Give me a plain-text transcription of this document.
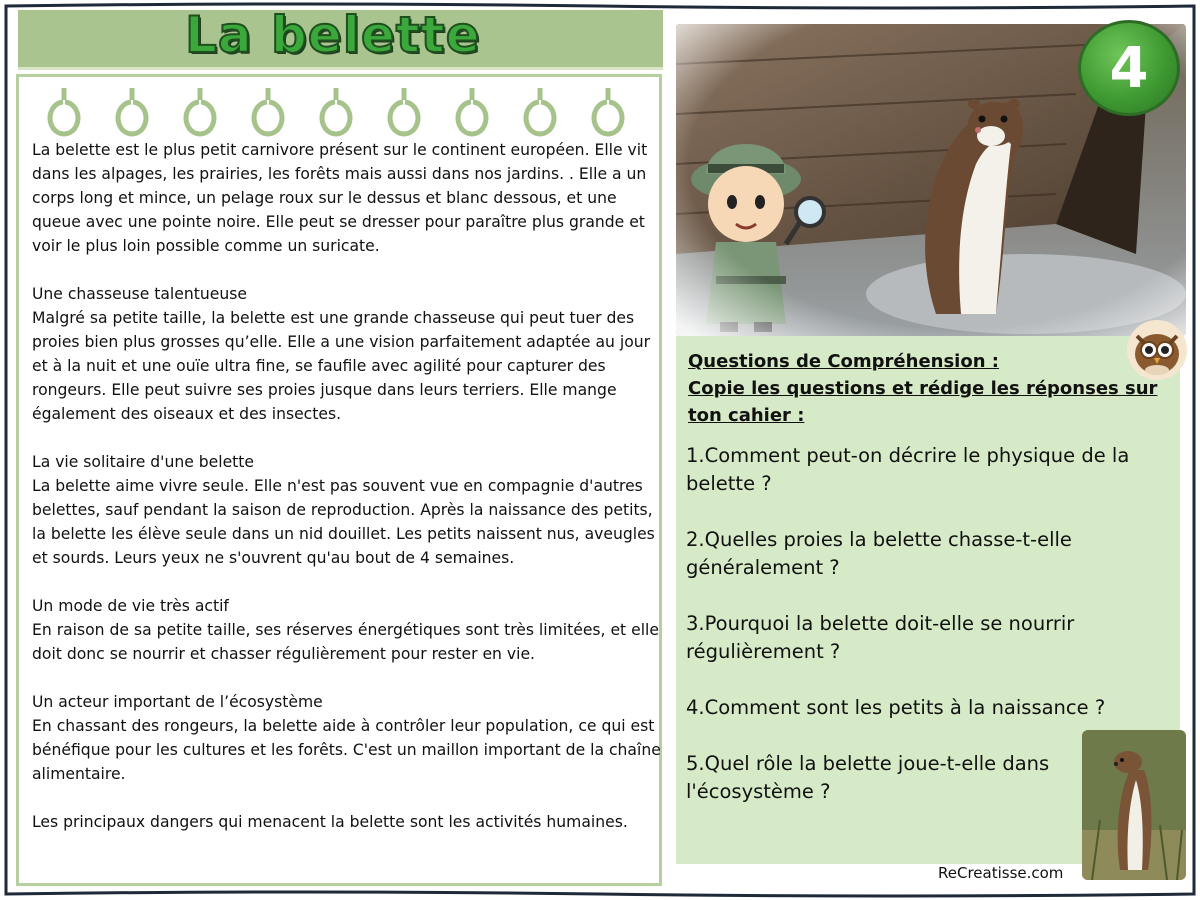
La belette

La belette est le plus petit carnivore présent sur le continent européen. Elle vit dans les alpages, les prairies, les forêts mais aussi dans nos jardins. . Elle a un corps long et mince, un pelage roux sur le dessus et blanc dessous, et une queue avec une pointe noire. Elle peut se dresser pour paraître plus grande et voir le plus loin possible comme un suricate.

Une chasseuse talentueuse
Malgré sa petite taille, la belette est une grande chasseuse qui peut tuer des proies bien plus grosses qu’elle. Elle a une vision parfaitement adaptée au jour et à la nuit et une ouïe ultra fine, se faufile avec agilité pour capturer des rongeurs. Elle peut suivre ses proies jusque dans leurs terriers. Elle mange également des oiseaux et des insectes.

La vie solitaire d'une belette
La belette aime vivre seule. Elle n'est pas souvent vue en compagnie d'autres belettes, sauf pendant la saison de reproduction. Après la naissance des petits, la belette les élève seule dans un nid douillet. Les petits naissent nus, aveugles et sourds. Leurs yeux ne s'ouvrent qu'au bout de 4 semaines.

Un mode de vie très actif
En raison de sa petite taille, ses réserves énergétiques sont très limitées, et elle doit donc se nourrir et chasser régulièrement pour rester en vie.

Un acteur important de l’écosystème
En chassant des rongeurs, la belette aide à contrôler leur population, ce qui est bénéfique pour les cultures et les forêts. C'est un maillon important de la chaîne alimentaire.

Les principaux dangers qui menacent la belette sont les activités humaines.

4
Questions de Compréhension :
Copie les questions et rédige les réponses sur ton cahier :
1.Comment peut-on décrire le physique de la belette ?
2.Quelles proies la belette chasse-t-elle généralement ?
3.Pourquoi la belette doit-elle se nourrir régulièrement ?
4.Comment sont les petits à la naissance ?
5.Quel rôle la belette joue-t-elle dans l'écosystème ?
ReCreatisse.com
